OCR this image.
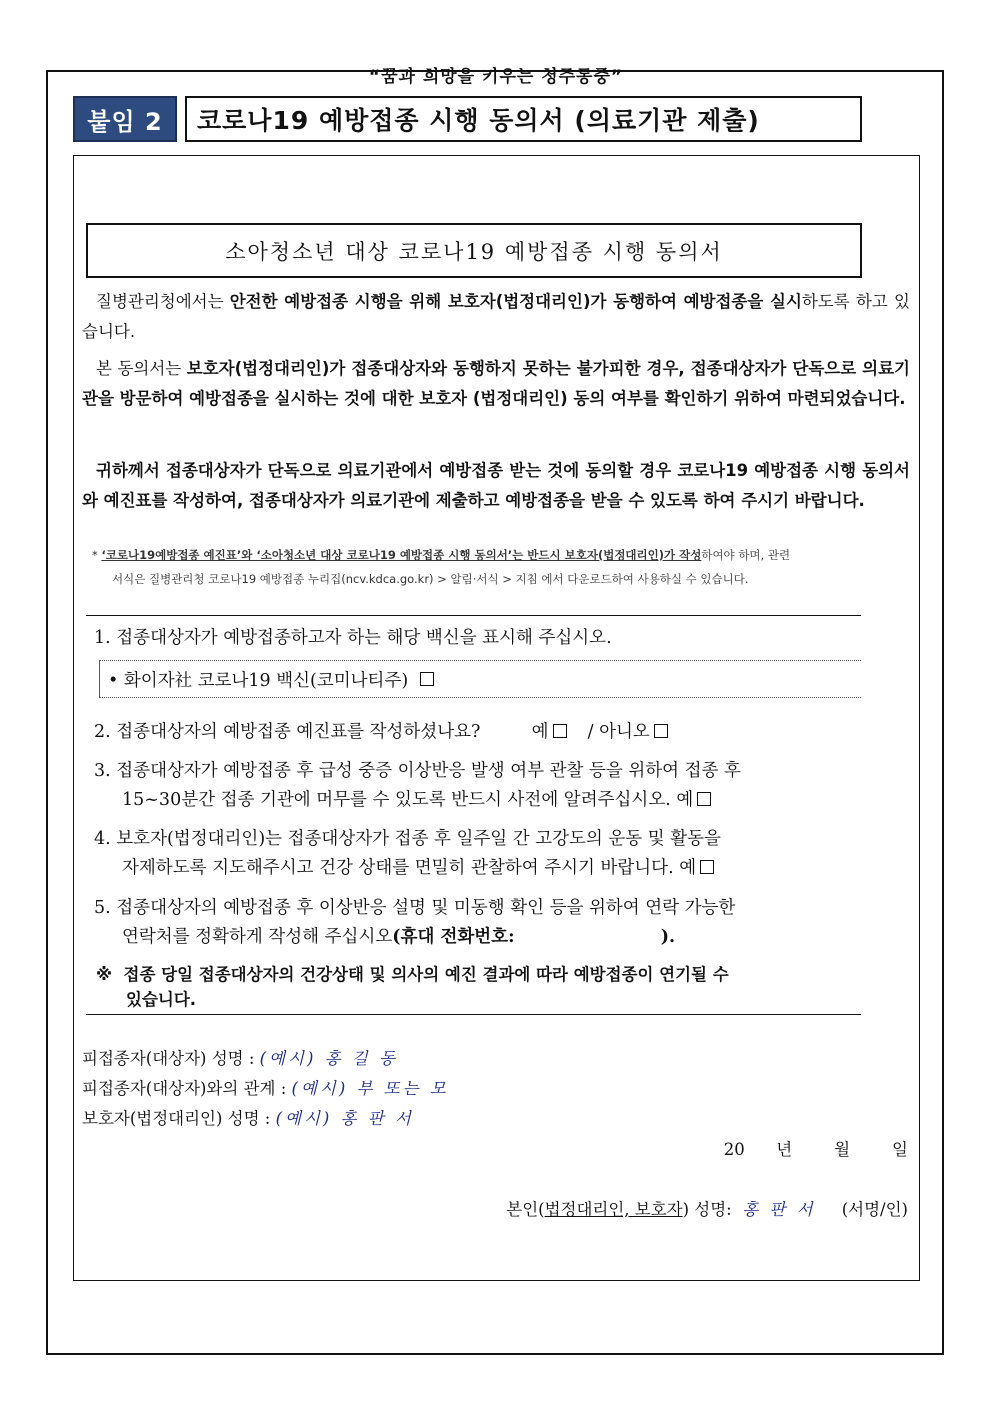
“꿈과 희망을 키우는 청주동중”
붙임 2	코로나19 예방접종 시행 동의서 (의료기관 제출)
소아청소년 대상 코로나19 예방접종 시행 동의서

질병관리청에서는 안전한 예방접종 시행을 위해 보호자(법정대리인)가 동행하여 예방접종을 실시하도록 하고 있습니다.

본 동의서는 보호자(법정대리인)가 접종대상자와 동행하지 못하는 불가피한 경우, 접종대상자가 단독으로 의료기관을 방문하여 예방접종을 실시하는 것에 대한 보호자 (법정대리인) 동의 여부를 확인하기 위하여 마련되었습니다.

귀하께서 접종대상자가 단독으로 의료기관에서 예방접종 받는 것에 동의할 경우 코로나19 예방접종 시행 동의서와 예진표를 작성하여, 접종대상자가 의료기관에 제출하고 예방접종을 받을 수 있도록 하여 주시기 바랍니다.

* ‘코로나19예방접종 예진표’와 ‘소아청소년 대상 코로나19 예방접종 시행 동의서’는 반드시 보호자(법정대리인)가 작성하여야 하며, 관련

서식은 질병관리청 코로나19 예방접종 누리집(ncv.kdca.go.kr) > 알림·서식 > 지침 에서 다운로드하여 사용하실 수 있습니다.

1. 접종대상자가 예방접종하고자 하는 해당 백신을 표시해 주십시오.

• 화이자社 코로나19 백신(코미나티주)

2. 접종대상자의 예방접종 예진표를 작성하셨나요?	예 / 아니오

3. 접종대상자가 예방접종 후 급성 중증 이상반응 발생 여부 관찰 등을 위하여 접종 후

15~30분간 접종 기관에 머무를 수 있도록 반드시 사전에 알려주십시오. 예

4. 보호자(법정대리인)는 접종대상자가 접종 후 일주일 간 고강도의 운동 및 활동을

자제하도록 지도해주시고 건강 상태를 면밀히 관찰하여 주시기 바랍니다. 예

5. 접종대상자의 예방접종 후 이상반응 설명 및 미동행 확인 등을 위하여 연락 가능한

연락처를 정확하게 작성해 주십시오(휴대 전화번호:                        ).

※ 접종 당일 접종대상자의 건강상태 및 의사의 예진 결과에 따라 예방접종이 연기될 수
있습니다.

피접종자(대상자) 성명 : (예시) 홍 길 동

피접종자(대상자)와의 관계 : (예시) 부 또는 모

보호자(법정대리인) 성명 : (예시) 홍 판 서

20      년        월        일
본인(법정대리인, 보호자) 성명:  홍 판 서     (서명/인)
